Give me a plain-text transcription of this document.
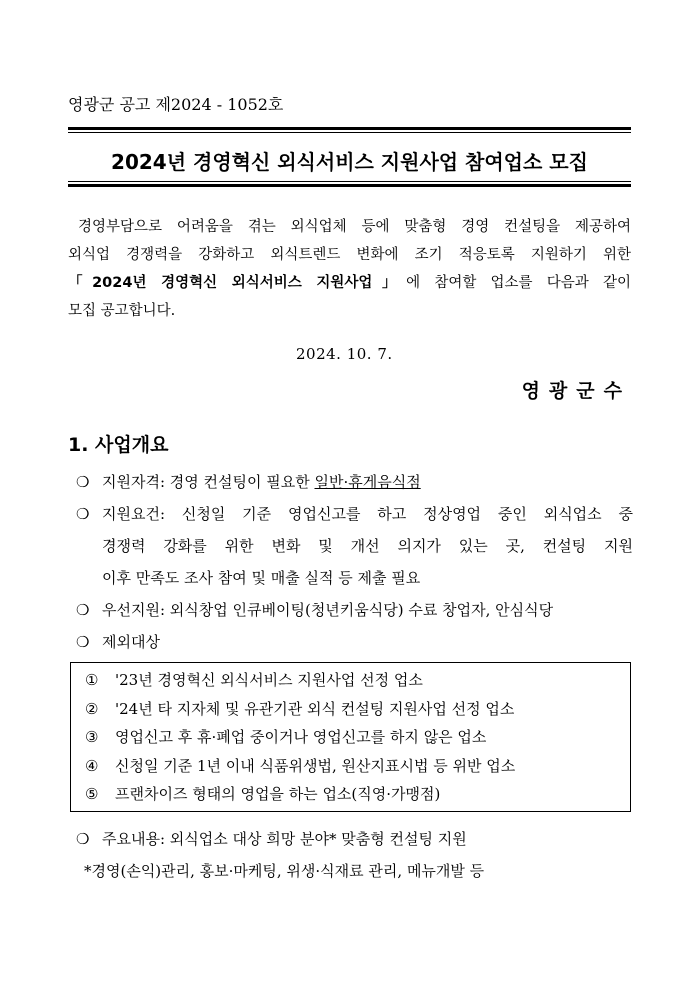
영광군 공고 제2024 - 1052호
2024년 경영혁신 외식서비스 지원사업 참여업소 모집
경영부담으로 어려움을 겪는 외식업체 등에 맞춤형 경영 컨설팅을 제공하여
외식업 경쟁력을 강화하고 외식트렌드 변화에 조기 적응토록 지원하기 위한
「2024년 경영혁신 외식서비스 지원사업」에 참여할 업소를 다음과 같이
모집 공고합니다.
2024. 10. 7.
영광군수
1. 사업개요
❍ 지원자격: 경영 컨설팅이 필요한 일반·휴게음식점
❍ 지원요건: 신청일 기준 영업신고를 하고 정상영업 중인 외식업소 중
경쟁력 강화를 위한 변화 및 개선 의지가 있는 곳, 컨설팅 지원
이후 만족도 조사 참여 및 매출 실적 등 제출 필요
❍ 우선지원: 외식창업 인큐베이팅(청년키움식당) 수료 창업자, 안심식당
❍ 제외대상
① '23년 경영혁신 외식서비스 지원사업 선정 업소
② '24년 타 지자체 및 유관기관 외식 컨설팅 지원사업 선정 업소
③ 영업신고 후 휴·폐업 중이거나 영업신고를 하지 않은 업소
④ 신청일 기준 1년 이내 식품위생법, 원산지표시법 등 위반 업소
⑤ 프랜차이즈 형태의 영업을 하는 업소(직영·가맹점)
❍ 주요내용: 외식업소 대상 희망 분야* 맞춤형 컨설팅 지원
*경영(손익)관리, 홍보·마케팅, 위생·식재료 관리, 메뉴개발 등
